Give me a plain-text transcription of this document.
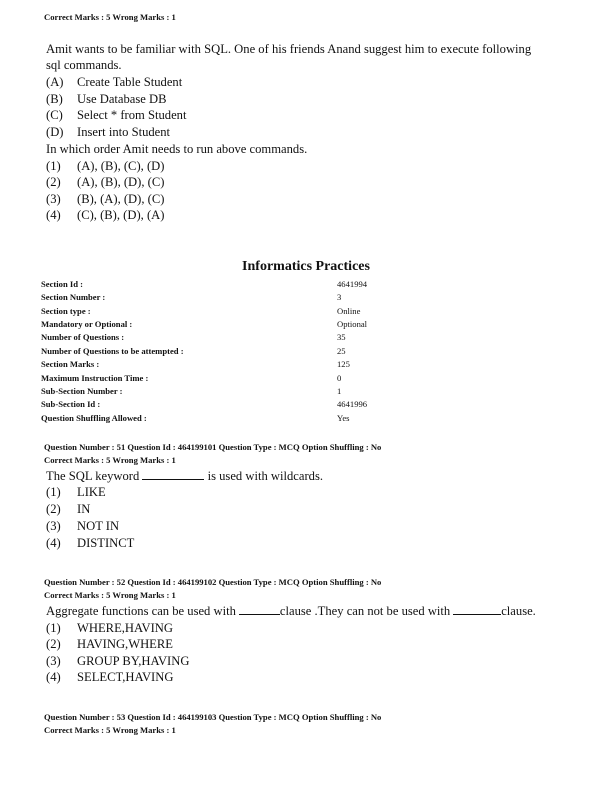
Correct Marks : 5 Wrong Marks : 1
Amit wants to be familiar with SQL. One of his friends Anand suggest him to execute following
sql commands.
(A) Create Table Student
(B) Use Database DB
(C) Select * from Student
(D) Insert into Student
In which order Amit needs to run above commands.
(1) (A), (B), (C), (D)
(2) (A), (B), (D), (C)
(3) (B), (A), (D), (C)
(4) (C), (B), (D), (A)
Informatics Practices
Section Id :	4641994
Section Number :	3
Section type :	Online
Mandatory or Optional :	Optional
Number of Questions :	35
Number of Questions to be attempted :	25
Section Marks :	125
Maximum Instruction Time :	0
Sub-Section Number :	1
Sub-Section Id :	4641996
Question Shuffling Allowed :	Yes
Question Number : 51 Question Id : 464199101 Question Type : MCQ Option Shuffling : No
Correct Marks : 5 Wrong Marks : 1
The SQL keyword	is used with wildcards.
(1) LIKE
(2) IN
(3) NOT IN
(4) DISTINCT
Question Number : 52 Question Id : 464199102 Question Type : MCQ Option Shuffling : No
Correct Marks : 5 Wrong Marks : 1
Aggregate functions can be used with	clause .They can not be used with	clause.
(1) WHERE,HAVING
(2) HAVING,WHERE
(3) GROUP BY,HAVING
(4) SELECT,HAVING
Question Number : 53 Question Id : 464199103 Question Type : MCQ Option Shuffling : No
Correct Marks : 5 Wrong Marks : 1
